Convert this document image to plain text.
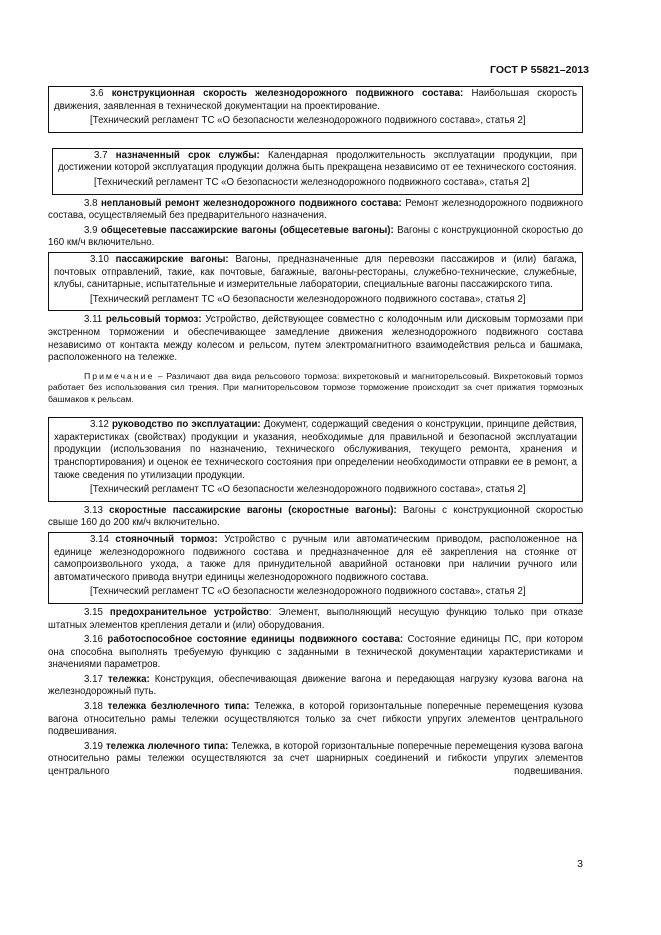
ГОСТ Р 55821–2013

3.6 конструкционная скорость железнодорожного подвижного состава: Наибольшая скорость движения, заявленная в технической документации на проектирование.

[Технический регламент ТС «О безопасности железнодорожного подвижного состава», статья 2]

3.7 назначенный срок службы: Календарная продолжительность эксплуатации продукции, при достижении которой эксплуатация продукции должна быть прекращена независимо от ее технического состояния.

[Технический регламент ТС «О безопасности железнодорожного подвижного состава», статья 2]

3.8 неплановый ремонт железнодорожного подвижного состава: Ремонт железнодорожного подвижного состава, осуществляемый без предварительного назначения.

3.9 общесетевые пассажирские вагоны (общесетевые вагоны): Вагоны с конструкционной скоростью до 160 км/ч включительно.

3.10 пассажирские вагоны: Вагоны, предназначенные для перевозки пассажиров и (или) багажа, почтовых отправлений, такие, как почтовые, багажные, вагоны-рестораны, служебно-технические, служебные, клубы, санитарные, испытательные и измерительные лаборатории, специальные вагоны пассажирского типа.

[Технический регламент ТС «О безопасности железнодорожного подвижного состава», статья 2]

3.11 рельсовый тормоз: Устройство, действующее совместно с колодочным или дисковым тормозами при экстренном торможении и обеспечивающее замедление движения железнодорожного подвижного состава независимо от контакта между колесом и рельсом, путем электромагнитного взаимодействия рельса и башмака, расположенного на тележке.

Примечание – Различают два вида рельсового тормоза: вихретоковый и магниторельсовый. Вихретоковый тормоз работает без использования сил трения. При магниторельсовом тормозе торможение происходит за счет прижатия тормозных башмаков к рельсам.

3.12 руководство по эксплуатации: Документ, содержащий сведения о конструкции, принципе действия, характеристиках (свойствах) продукции и указания, необходимые для правильной и безопасной эксплуатации продукции (использования по назначению, технического обслуживания, текущего ремонта, хранения и транспортирования) и оценок ее технического состояния при определении необходимости отправки ее в ремонт, а также сведения по утилизации продукции.

[Технический регламент ТС «О безопасности железнодорожного подвижного состава», статья 2]

3.13 скоростные пассажирские вагоны (скоростные вагоны): Вагоны с конструкционной скоростью свыше 160 до 200 км/ч включительно.

3.14 стояночный тормоз: Устройство с ручным или автоматическим приводом, расположенное на единице железнодорожного подвижного состава и предназначенное для её закрепления на стоянке от самопроизвольного ухода, а также для принудительной аварийной остановки при наличии ручного или автоматического привода внутри единицы железнодорожного подвижного состава.

[Технический регламент ТС «О безопасности железнодорожного подвижного состава», статья 2]

3.15 предохранительное устройство: Элемент, выполняющий несущую функцию только при отказе штатных элементов крепления детали и (или) оборудования.

3.16 работоспособное состояние единицы подвижного состава: Состояние единицы ПС, при котором она способна выполнять требуемую функцию с заданными в технической документации характеристиками и значениями параметров.

3.17 тележка: Конструкция, обеспечивающая движение вагона и передающая нагрузку кузова вагона на железнодорожный путь.

3.18 тележка безлюлечного типа: Тележка, в которой горизонтальные поперечные перемещения кузова вагона относительно рамы тележки осуществляются только за счет гибкости упругих элементов центрального подвешивания.

3.19 тележка люлечного типа: Тележка, в которой горизонтальные поперечные перемещения кузова вагона относительно рамы тележки осуществляются за счет шарнирных соединений и гибкости упругих элементов центрального подвешивания.

3
